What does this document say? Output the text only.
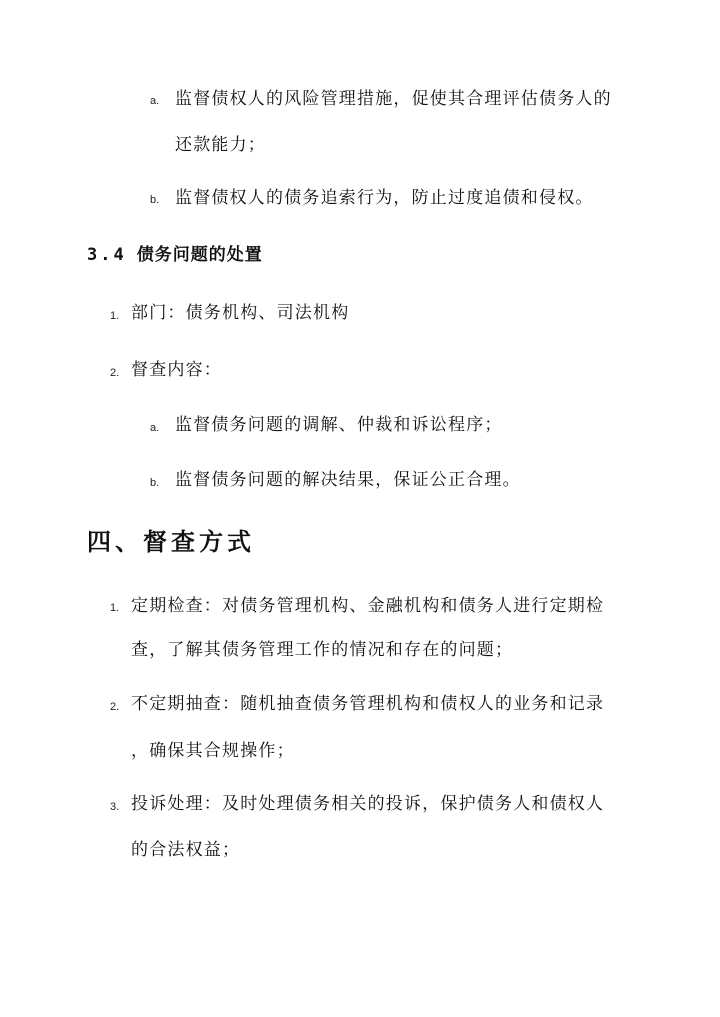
a. 监督债权人的风险管理措施，促使其合理评估债务人的
还款能力；
b. 监督债权人的债务追索行为，防止过度追债和侵权。
3.4 债务问题的处置
1. 部门：债务机构、司法机构
2. 督查内容：
a. 监督债务问题的调解、仲裁和诉讼程序；
b. 监督债务问题的解决结果，保证公正合理。
四、督查方式
1. 定期检查：对债务管理机构、金融机构和债务人进行定期检
查，了解其债务管理工作的情况和存在的问题；
2. 不定期抽查：随机抽查债务管理机构和债权人的业务和记录
，确保其合规操作；
3. 投诉处理：及时处理债务相关的投诉，保护债务人和债权人
的合法权益；
